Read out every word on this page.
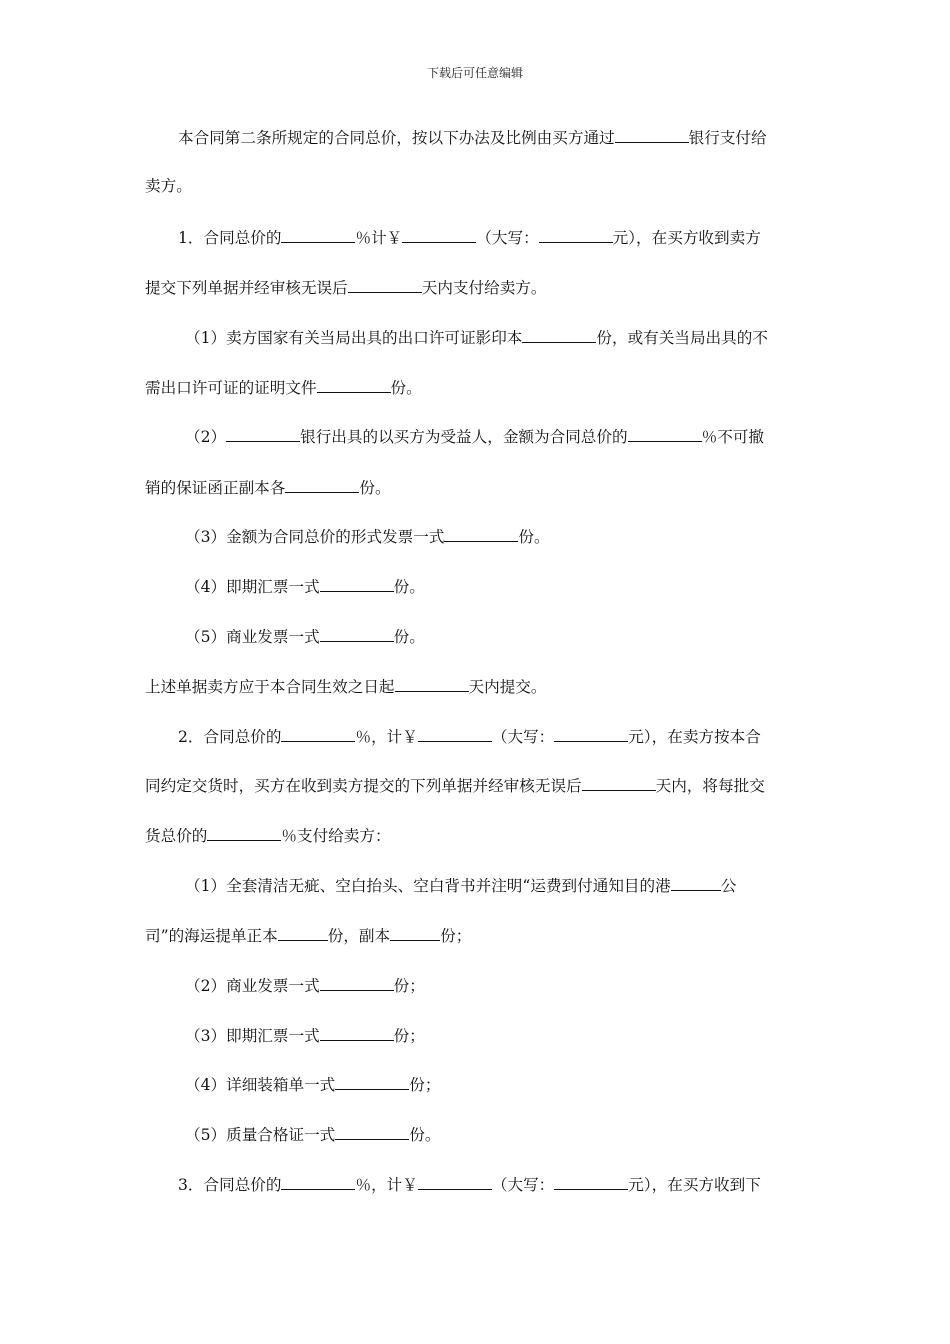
下载后可任意编辑
本合同第二条所规定的合同总价，按以下办法及比例由买方通过	银行支付给
卖方。
1．合同总价的	％计￥	（大写：	元），在买方收到卖方
提交下列单据并经审核无误后	天内支付给卖方。
（1）卖方国家有关当局出具的出口许可证影印本	份，或有关当局出具的不
需出口许可证的证明文件	份。
（2）	银行出具的以买方为受益人，金额为合同总价的	％不可撤
销的保证函正副本各	份。
（3）金额为合同总价的形式发票一式	份。
（4）即期汇票一式	份。
（5）商业发票一式	份。
上述单据卖方应于本合同生效之日起	天内提交。
2．合同总价的	％，计￥	（大写：	元），在卖方按本合
同约定交货时，买方在收到卖方提交的下列单据并经审核无误后	天内，将每批交
货总价的	％支付给卖方：
（1）全套清洁无疵、空白抬头、空白背书并注明“运费到付通知目的港	公
司”的海运提单正本	份，副本	份；
（2）商业发票一式	份；
（3）即期汇票一式	份；
（4）详细装箱单一式	份；
（5）质量合格证一式	份。
3．合同总价的	％，计￥	（大写：	元），在买方收到下
